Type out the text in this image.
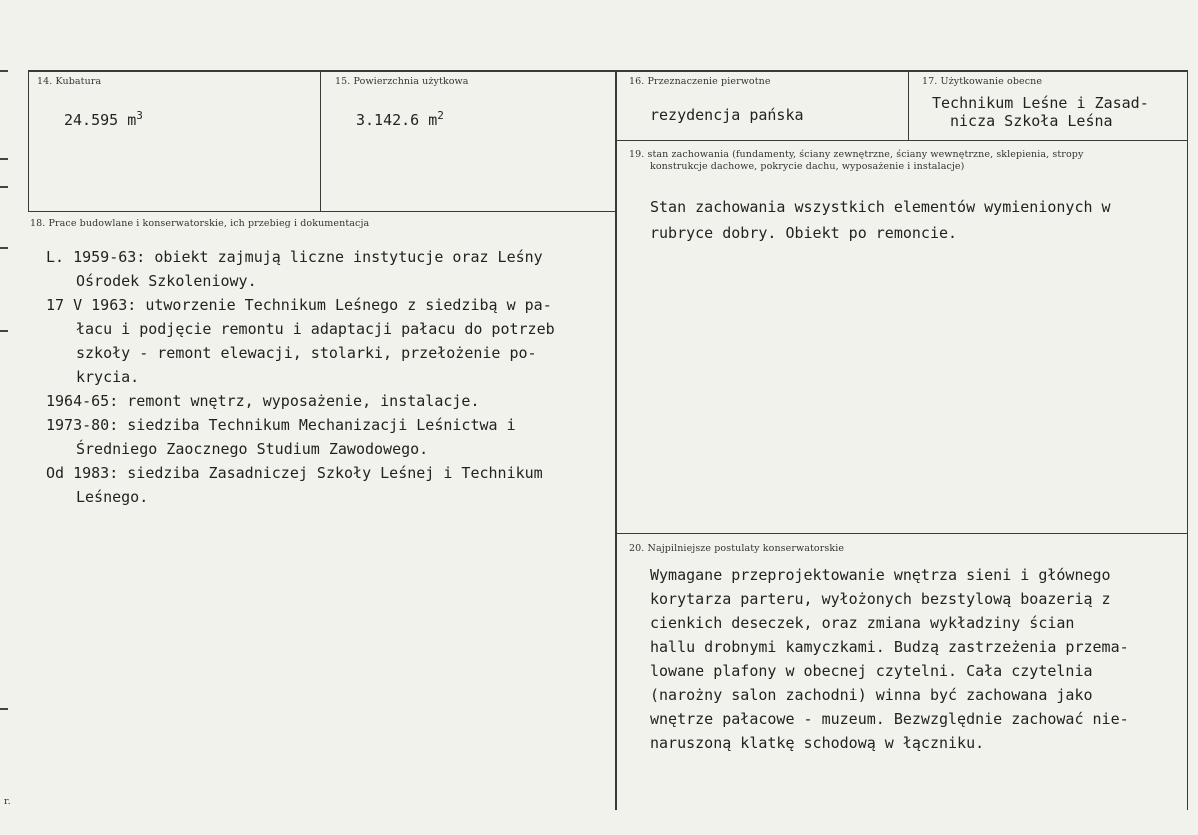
r.
14. Kubatura
24.595 $m^3$
15. Powierzchnia użytkowa
3.142.6 $m^2$
16. Przeznaczenie pierwotne
rezydencja pańska
17. Użytkowanie obecne
Technikum Leśne i Zasad-
nicza Szkoła Leśna
18. Prace budowlane i konserwatorskie, ich przebieg i dokumentacja
L. 1959-63: obiekt zajmują liczne instytucje oraz Leśny
Ośrodek Szkoleniowy.
17 V 1963: utworzenie Technikum Leśnego z siedzibą w pa-
łacu i podjęcie remontu i adaptacji pałacu do potrzeb
szkoły - remont elewacji, stolarki, przełożenie po-
krycia.
1964-65: remont wnętrz, wyposażenie, instalacje.
1973-80: siedziba Technikum Mechanizacji Leśnictwa i
Średniego Zaocznego Studium Zawodowego.
Od 1983: siedziba Zasadniczej Szkoły Leśnej i Technikum
Leśnego.
19. stan zachowania (fundamenty, ściany zewnętrzne, ściany wewnętrzne, sklepienia, stropy
konstrukcje dachowe, pokrycie dachu, wyposażenie i instalacje)
Stan zachowania wszystkich elementów wymienionych w
rubryce dobry. Obiekt po remoncie.
20. Najpilniejsze postulaty konserwatorskie
Wymagane przeprojektowanie wnętrza sieni i głównego
korytarza parteru, wyłożonych bezstylową boazerią z
cienkich deseczek, oraz zmiana wykładziny ścian
hallu drobnymi kamyczkami. Budzą zastrzeżenia przema-
lowane plafony w obecnej czytelni. Cała czytelnia
(narożny salon zachodni) winna być zachowana jako
wnętrze pałacowe - muzeum. Bezwzględnie zachować nie-
naruszoną klatkę schodową w łączniku.
